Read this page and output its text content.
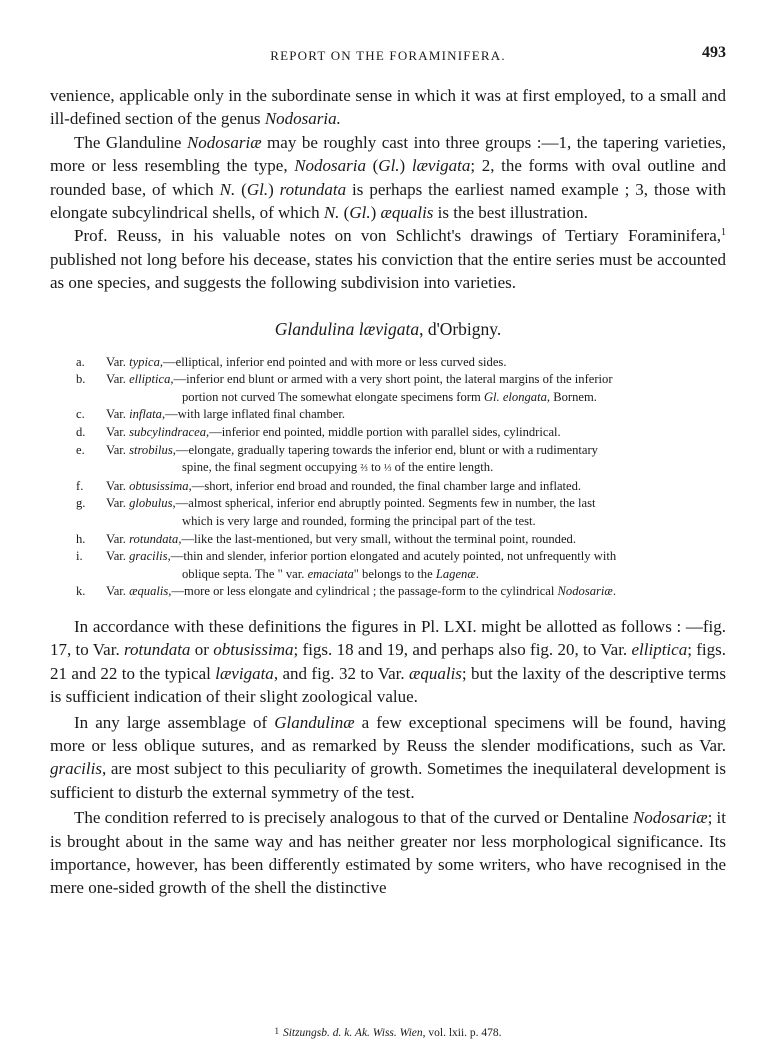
REPORT ON THE FORAMINIFERA.	493

venience, applicable only in the subordinate sense in which it was at first employed, to a small and ill-defined section of the genus Nodosaria.

The Glanduline Nodosariæ may be roughly cast into three groups :—1, the tapering varieties, more or less resembling the type, Nodosaria (Gl.) lævigata; 2, the forms with oval outline and rounded base, of which N. (Gl.) rotundata is perhaps the earliest named example ; 3, those with elongate subcylindrical shells, of which N. (Gl.) æqualis is the best illustration.

Prof. Reuss, in his valuable notes on von Schlicht's drawings of Tertiary Foraminifera,$^1$ published not long before his decease, states his conviction that the entire series must be accounted as one species, and suggests the following subdivision into varieties.

Glandulina lævigata, d'Orbigny.
a. Var. typica,—elliptical, inferior end pointed and with more or less curved sides.
b. Var. elliptica,—inferior end blunt or armed with a very short point, the lateral margins of the inferior
portion not curved The somewhat elongate specimens form Gl. elongata, Bornem.
c. Var. inflata,—with large inflated final chamber.
d. Var. subcylindracea,—inferior end pointed, middle portion with parallel sides, cylindrical.
e. Var. strobilus,—elongate, gradually tapering towards the inferior end, blunt or with a rudimentary
spine, the final segment occupying ⅔ to ⅓ of the entire length.
f. Var. obtusissima,—short, inferior end broad and rounded, the final chamber large and inflated.
g. Var. globulus,—almost spherical, inferior end abruptly pointed. Segments few in number, the last
which is very large and rounded, forming the principal part of the test.
h. Var. rotundata,—like the last-mentioned, but very small, without the terminal point, rounded.
i. Var. gracilis,—thin and slender, inferior portion elongated and acutely pointed, not unfrequently with
oblique septa. The " var. emaciata" belongs to the Lagenæ.
k. Var. æqualis,—more or less elongate and cylindrical ; the passage-form to the cylindrical Nodosariæ.

In accordance with these definitions the figures in Pl. LXI. might be allotted as follows : —fig. 17, to Var. rotundata or obtusissima; figs. 18 and 19, and perhaps also fig. 20, to Var. elliptica; figs. 21 and 22 to the typical lævigata, and fig. 32 to Var. æqualis; but the laxity of the descriptive terms is sufficient indication of their slight zoological value.

In any large assemblage of Glandulinæ a few exceptional specimens will be found, having more or less oblique sutures, and as remarked by Reuss the slender modifications, such as Var. gracilis, are most subject to this peculiarity of growth. Sometimes the inequilateral development is sufficient to disturb the external symmetry of the test.

The condition referred to is precisely analogous to that of the curved or Dentaline Nodosariæ; it is brought about in the same way and has neither greater nor less morphological significance. Its importance, however, has been differently estimated by some writers, who have recognised in the mere one-sided growth of the shell the distinctive

1 Sitzungsb. d. k. Ak. Wiss. Wien, vol. lxii. p. 478.
